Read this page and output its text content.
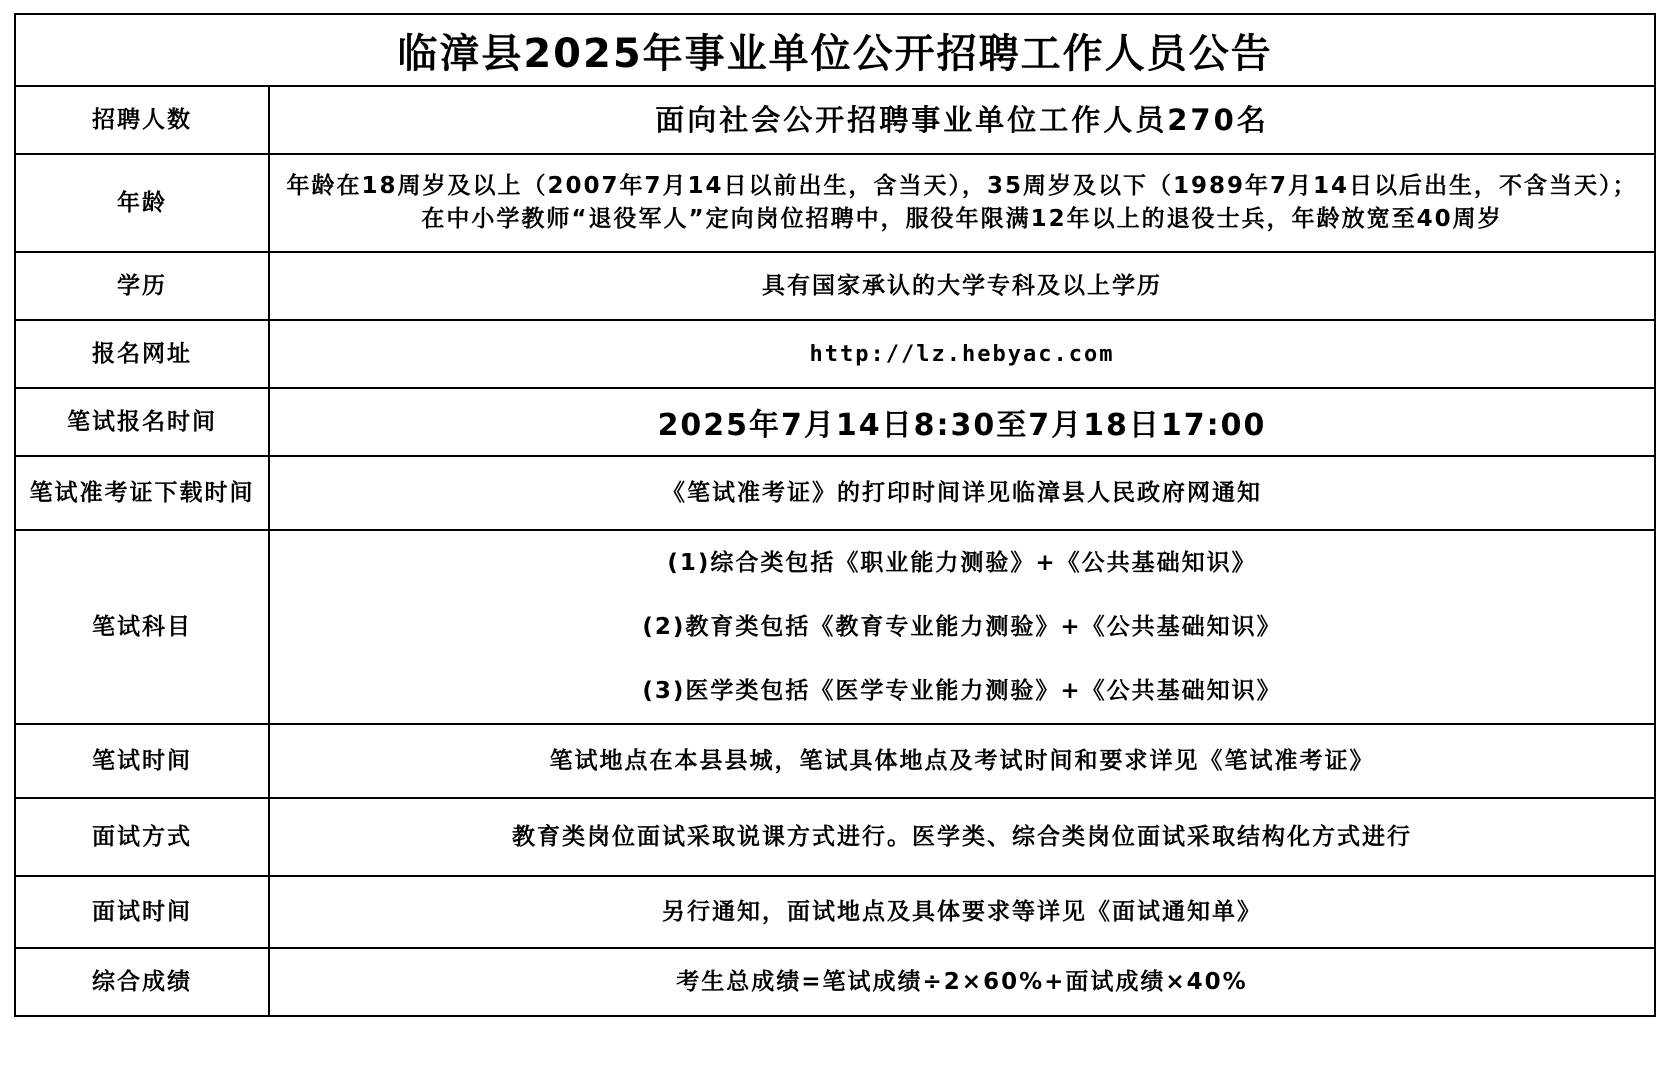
临漳县2025年事业单位公开招聘工作人员公告	
招聘人数	面向社会公开招聘事业单位工作人员270名
年龄	年龄在18周岁及以上（2007年7月14日以前出生，含当天），35周岁及以下（1989年7月14日以后出生，不含当天）；在中小学教师“退役军人”定向岗位招聘中，服役年限满12年以上的退役士兵，年龄放宽至40周岁
学历	具有国家承认的大学专科及以上学历
报名网址	http://lz.hebyac.com
笔试报名时间	2025年7月14日8:30至7月18日17:00
笔试准考证下载时间	《笔试准考证》的打印时间详见临漳县人民政府网通知
笔试科目	(1)综合类包括《职业能力测验》+《公共基础知识》
(2)教育类包括《教育专业能力测验》+《公共基础知识》
(3)医学类包括《医学专业能力测验》+《公共基础知识》

笔试时间	笔试地点在本县县城，笔试具体地点及考试时间和要求详见《笔试准考证》
面试方式	教育类岗位面试采取说课方式进行。医学类、综合类岗位面试采取结构化方式进行
面试时间	另行通知，面试地点及具体要求等详见《面试通知单》
综合成绩	考生总成绩=笔试成绩÷2×60%+面试成绩×40%
